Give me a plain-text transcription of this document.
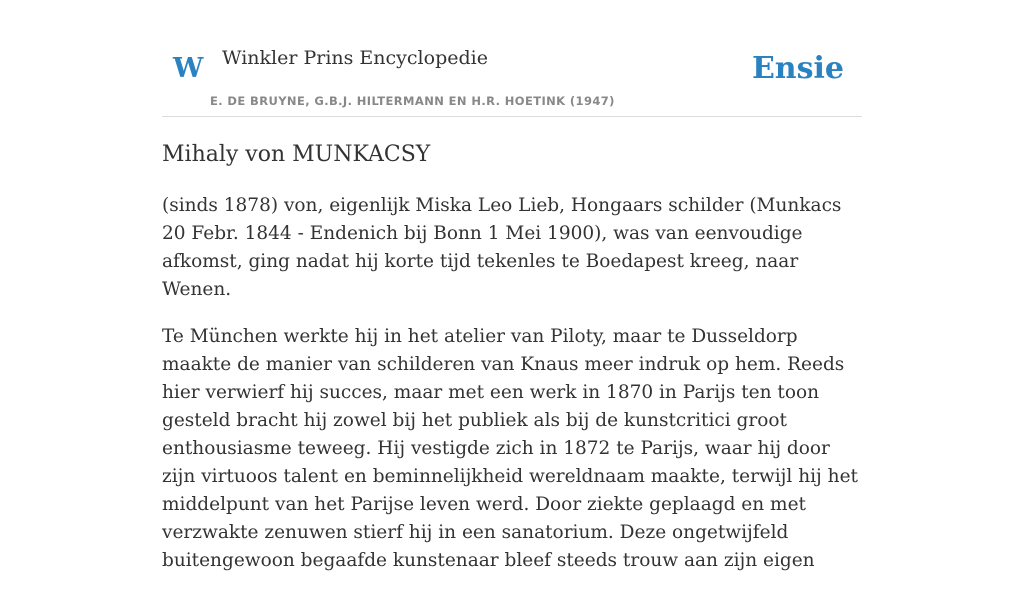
W Winkler Prins Encyclopedie
E. DE BRUYNE, G.B.J. HILTERMANN EN H.R. HOETINK (1947)
Ensie
Mihaly von MUNKACSY

(sinds 1878) von, eigenlijk Miska Leo Lieb, Hongaars schilder (Munkacs 20 Febr. 1844 - Endenich bij Bonn 1 Mei 1900), was van eenvoudige afkomst, ging nadat hij korte tijd tekenles te Boedapest kreeg, naar Wenen.

Te München werkte hij in het atelier van Piloty, maar te Dusseldorp maakte de manier van schilderen van Knaus meer indruk op hem. Reeds hier verwierf hij succes, maar met een werk in 1870 in Parijs ten toon gesteld bracht hij zowel bij het publiek als bij de kunstcritici groot enthousiasme teweeg. Hij vestigde zich in 1872 te Parijs, waar hij door zijn virtuoos talent en beminnelijkheid wereldnaam maakte, terwijl hij het middelpunt van het Parijse leven werd. Door ziekte geplaagd en met verzwakte zenuwen stierf hij in een sanatorium. Deze ongetwijfeld buitengewoon begaafde kunstenaar bleef steeds trouw aan zijn eigen
